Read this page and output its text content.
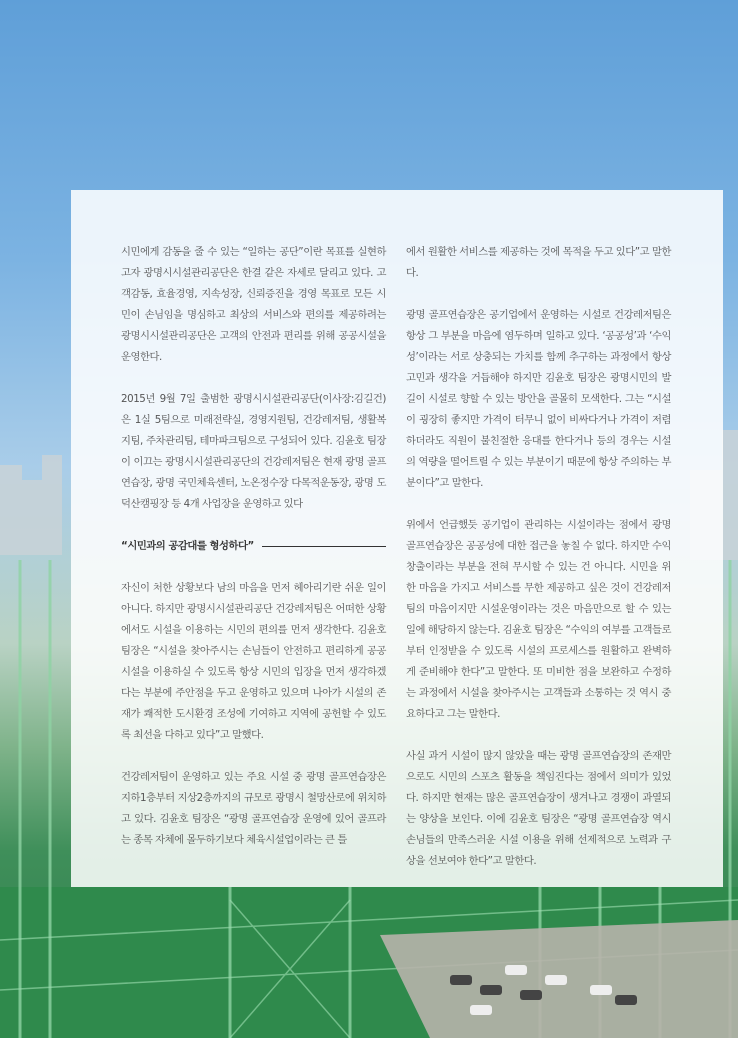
시민에게 감동을 줄 수 있는 “일하는 공단”이란 목표를 실현하고자 광명시시설관리공단은 한결 같은 자세로 달리고 있다. 고객감동, 효율경영, 지속성장, 신뢰증진을 경영 목표로 모든 시민이 손님임을 명심하고 최상의 서비스와 편의를 제공하려는 광명시시설관리공단은 고객의 안전과 편리를 위해 공공시설을 운영한다.

2015년 9월 7일 출범한 광명시시설관리공단(이사장:김길건)은 1실 5팀으로 미래전략실, 경영지원팀, 건강레저팀, 생활복지팀, 주차관리팀, 테마파크팀으로 구성되어 있다. 김윤호 팀장이 이끄는 광명시시설관리공단의 건강레저팀은 현재 광명 골프연습장, 광명 국민체육센터, 노온정수장 다목적운동장, 광명 도덕산캠핑장 등 4개 사업장을 운영하고 있다

“시민과의 공감대를 형성하다”

자신이 처한 상황보다 남의 마음을 먼저 헤아리기란 쉬운 일이 아니다. 하지만 광명시시설관리공단 건강레저팀은 어떠한 상황에서도 시설을 이용하는 시민의 편의를 먼저 생각한다. 김윤호 팀장은 “시설을 찾아주시는 손님들이 안전하고 편리하게 공공시설을 이용하실 수 있도록 항상 시민의 입장을 먼저 생각하겠다는 부분에 주안점을 두고 운영하고 있으며 나아가 시설의 존재가 쾌적한 도시환경 조성에 기여하고 지역에 공헌할 수 있도록 최선을 다하고 있다”고 말했다.

건강레저팀이 운영하고 있는 주요 시설 중 광명 골프연습장은 지하1층부터 지상2층까지의 규모로 광명시 철망산로에 위치하고 있다. 김윤호 팀장은 “광명 골프연습장 운영에 있어 골프라는 종목 자체에 몰두하기보다 체육시설업이라는 큰 틀

에서 원활한 서비스를 제공하는 것에 목적을 두고 있다”고 말한다.

광명 골프연습장은 공기업에서 운영하는 시설로 건강레저팀은 항상 그 부분을 마음에 염두하며 일하고 있다. ‘공공성’과 ‘수익성’이라는 서로 상충되는 가치를 함께 추구하는 과정에서 항상 고민과 생각을 거듭해야 하지만 김윤호 팀장은 광명시민의 발길이 시설로 향할 수 있는 방안을 골몰히 모색한다. 그는 “시설이 굉장히 좋지만 가격이 터무니 없이 비싸다거나 가격이 저렴하더라도 직원이 불친절한 응대를 한다거나 등의 경우는 시설의 역량을 떨어트릴 수 있는 부분이기 때문에 항상 주의하는 부분이다”고 말한다.

위에서 언급했듯 공기업이 관리하는 시설이라는 점에서 광명 골프연습장은 공공성에 대한 접근을 놓칠 수 없다. 하지만 수익창출이라는 부분을 전혀 무시할 수 있는 건 아니다. 시민을 위한 마음을 가지고 서비스를 무한 제공하고 싶은 것이 건강레저팀의 마음이지만 시설운영이라는 것은 마음만으로 할 수 있는 일에 해당하지 않는다. 김윤호 팀장은 “수익의 여부를 고객들로부터 인정받을 수 있도록 시설의 프로세스를 원활하고 완벽하게 준비해야 한다”고 말한다. 또 미비한 점을 보완하고 수정하는 과정에서 시설을 찾아주시는 고객들과 소통하는 것 역시 중요하다고 그는 말한다.

사실 과거 시설이 많지 않았을 때는 광명 골프연습장의 존재만으로도 시민의 스포츠 활동을 책임진다는 점에서 의미가 있었다. 하지만 현재는 많은 골프연습장이 생겨나고 경쟁이 과열되는 양상을 보인다. 이에 김윤호 팀장은 “광명 골프연습장 역시 손님들의 만족스러운 시설 이용을 위해 선제적으로 노력과 구상을 선보여야 한다”고 말한다.
